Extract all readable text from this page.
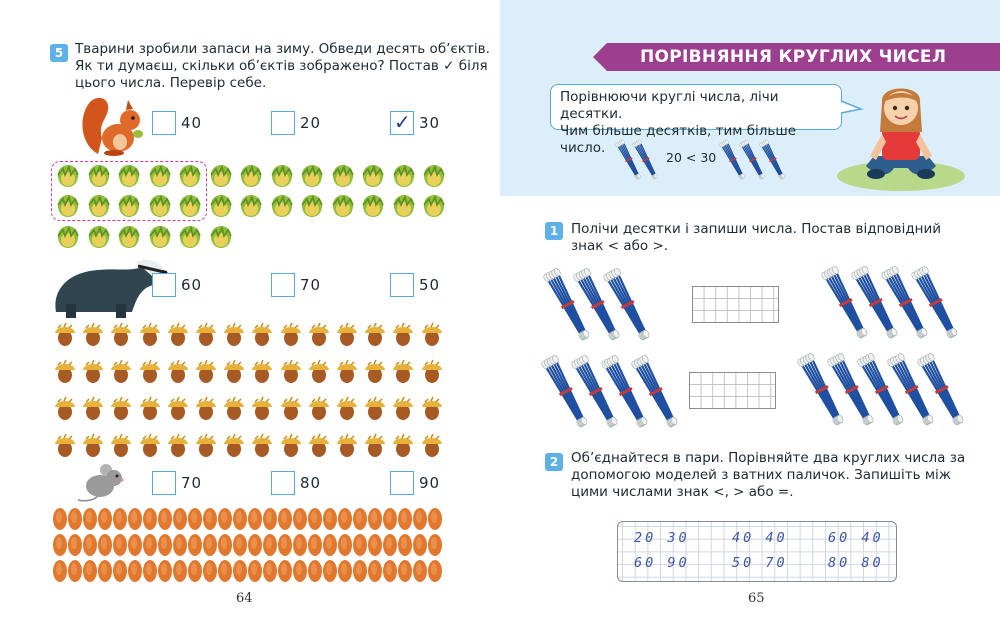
5 Тварини зробили запаси на зиму. Обведи десять об’єктів.
Як ти думаєш, скільки об’єктів зображено? Постав ✓ біля
цього числа. Перевір себе.
40	20	✓ 30
60	70	50
70	80	90
64
ПОРІВНЯННЯ КРУГЛИХ ЧИСЕЛ
Порівнюючи круглі числа, лічи десятки.
Чим більше десятків, тим більше число.
20 < 30
1 Полічи десятки і запиши числа. Постав відповідний
знак < або >.
2 Об’єднайтеся в пари. Порівняйте два круглих числа за
допомогою моделей з ватних паличок. Запишіть між
цими числами знак <, > або =.
20 30	40 40	60 40
60 90	50 70	80 80
65
